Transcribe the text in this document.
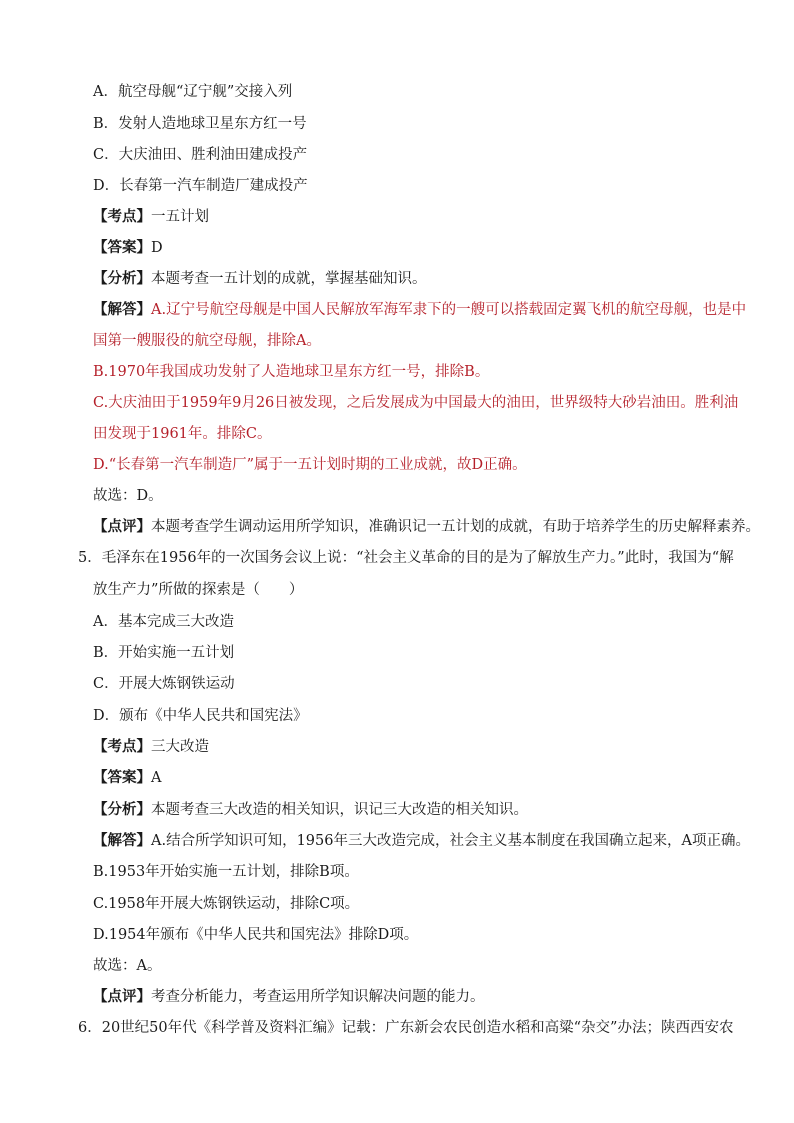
A．航空母舰“辽宁舰”交接入列
B．发射人造地球卫星东方红一号
C．大庆油田、胜利油田建成投产
D．长春第一汽车制造厂建成投产
【考点】一五计划
【答案】D
【分析】本题考查一五计划的成就，掌握基础知识。
【解答】A.辽宁号航空母舰是中国人民解放军海军隶下的一艘可以搭载固定翼飞机的航空母舰，也是中
国第一艘服役的航空母舰，排除A。
B.1970年我国成功发射了人造地球卫星东方红一号，排除B。
C.大庆油田于1959年9月26日被发现，之后发展成为中国最大的油田，世界级特大砂岩油田。胜利油
田发现于1961年。排除C。
D.“长春第一汽车制造厂”属于一五计划时期的工业成就，故D正确。
故选：D。
【点评】本题考查学生调动运用所学知识，准确识记一五计划的成就，有助于培养学生的历史解释素养。
5．毛泽东在1956年的一次国务会议上说：“社会主义革命的目的是为了解放生产力。”此时，我国为“解
放生产力”所做的探索是（　　）
A．基本完成三大改造
B．开始实施一五计划
C．开展大炼钢铁运动
D．颁布《中华人民共和国宪法》
【考点】三大改造
【答案】A
【分析】本题考查三大改造的相关知识，识记三大改造的相关知识。
【解答】A.结合所学知识可知，1956年三大改造完成，社会主义基本制度在我国确立起来，A项正确。
B.1953年开始实施一五计划，排除B项。
C.1958年开展大炼钢铁运动，排除C项。
D.1954年颁布《中华人民共和国宪法》排除D项。
故选：A。
【点评】考查分析能力，考查运用所学知识解决问题的能力。
6．20世纪50年代《科学普及资料汇编》记载：广东新会农民创造水稻和高粱“杂交”办法；陕西西安农
